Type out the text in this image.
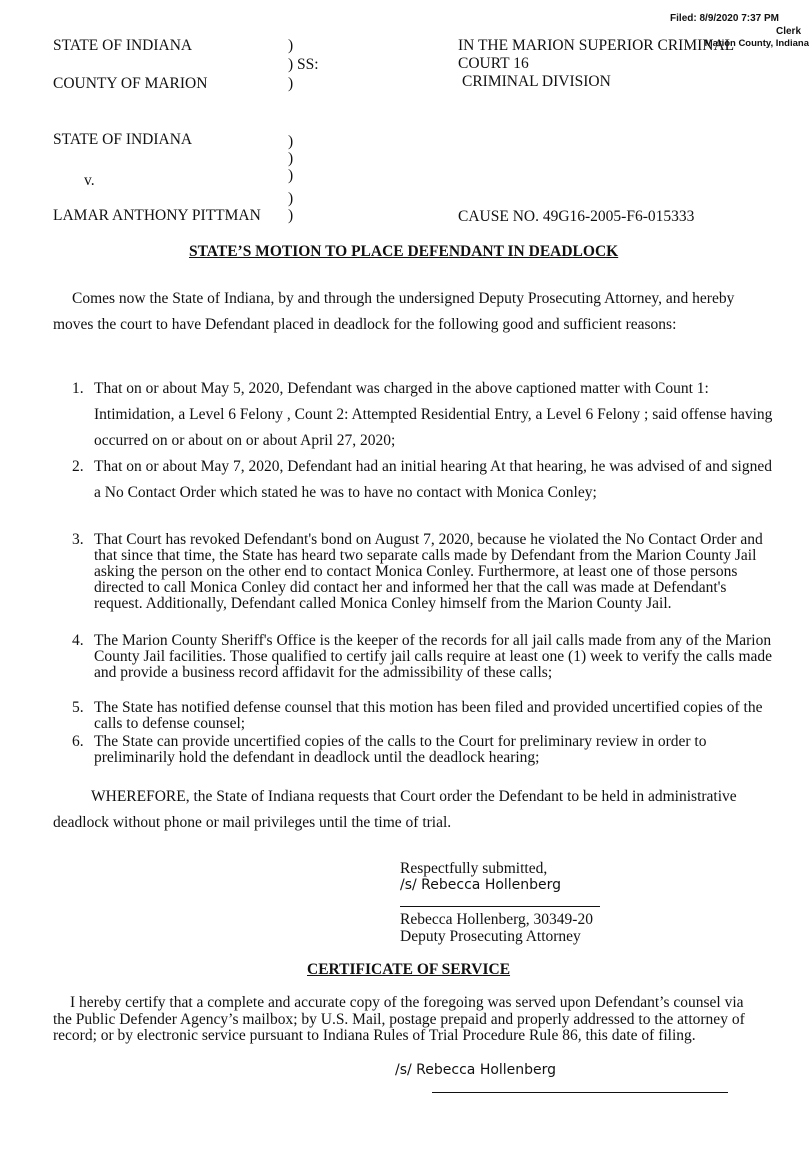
Filed: 8/9/2020 7:37 PM
Clerk
Marion County, Indiana
STATE OF INDIANA
COUNTY OF MARION
)
) SS:
)
IN THE MARION SUPERIOR CRIMINAL
COURT 16
CRIMINAL DIVISION
STATE OF INDIANA
v.
LAMAR ANTHONY PITTMAN
)
)
)
)
)	CAUSE NO. 49G16-2005-F6-015333
STATE’S MOTION TO PLACE DEFENDANT IN DEADLOCK
Comes now the State of Indiana, by and through the undersigned Deputy Prosecuting Attorney, and hereby moves the court to have Defendant placed in deadlock for the following good and sufficient reasons:
1. That on or about May 5, 2020, Defendant was charged in the above captioned matter with Count 1: Intimidation, a Level 6 Felony , Count 2: Attempted Residential Entry, a Level 6 Felony ; said offense having occurred on or about on or about April 27, 2020;
2. That on or about May 7, 2020, Defendant had an initial hearing At that hearing, he was advised of and signed a No Contact Order which stated he was to have no contact with Monica Conley;
3. That Court has revoked Defendant's bond on August 7, 2020, because he violated the No Contact Order and that since that time, the State has heard two separate calls made by Defendant from the Marion County Jail asking the person on the other end to contact Monica Conley. Furthermore, at least one of those persons directed to call Monica Conley did contact her and informed her that the call was made at Defendant's request. Additionally, Defendant called Monica Conley himself from the Marion County Jail.
4. The Marion County Sheriff's Office is the keeper of the records for all jail calls made from any of the Marion County Jail facilities. Those qualified to certify jail calls require at least one (1) week to verify the calls made and provide a business record affidavit for the admissibility of these calls;
5. The State has notified defense counsel that this motion has been filed and provided uncertified copies of the calls to defense counsel;
6. The State can provide uncertified copies of the calls to the Court for preliminary review in order to preliminarily hold the defendant in deadlock until the deadlock hearing;
WHEREFORE, the State of Indiana requests that Court order the Defendant to be held in administrative deadlock without phone or mail privileges until the time of trial.
Respectfully submitted,
/s/ Rebecca Hollenberg
Rebecca Hollenberg, 30349-20
Deputy Prosecuting Attorney
CERTIFICATE OF SERVICE
I hereby certify that a complete and accurate copy of the foregoing was served upon Defendant’s counsel via the Public Defender Agency’s mailbox; by U.S. Mail, postage prepaid and properly addressed to the attorney of record; or by electronic service pursuant to Indiana Rules of Trial Procedure Rule 86, this date of filing.
/s/ Rebecca Hollenberg
